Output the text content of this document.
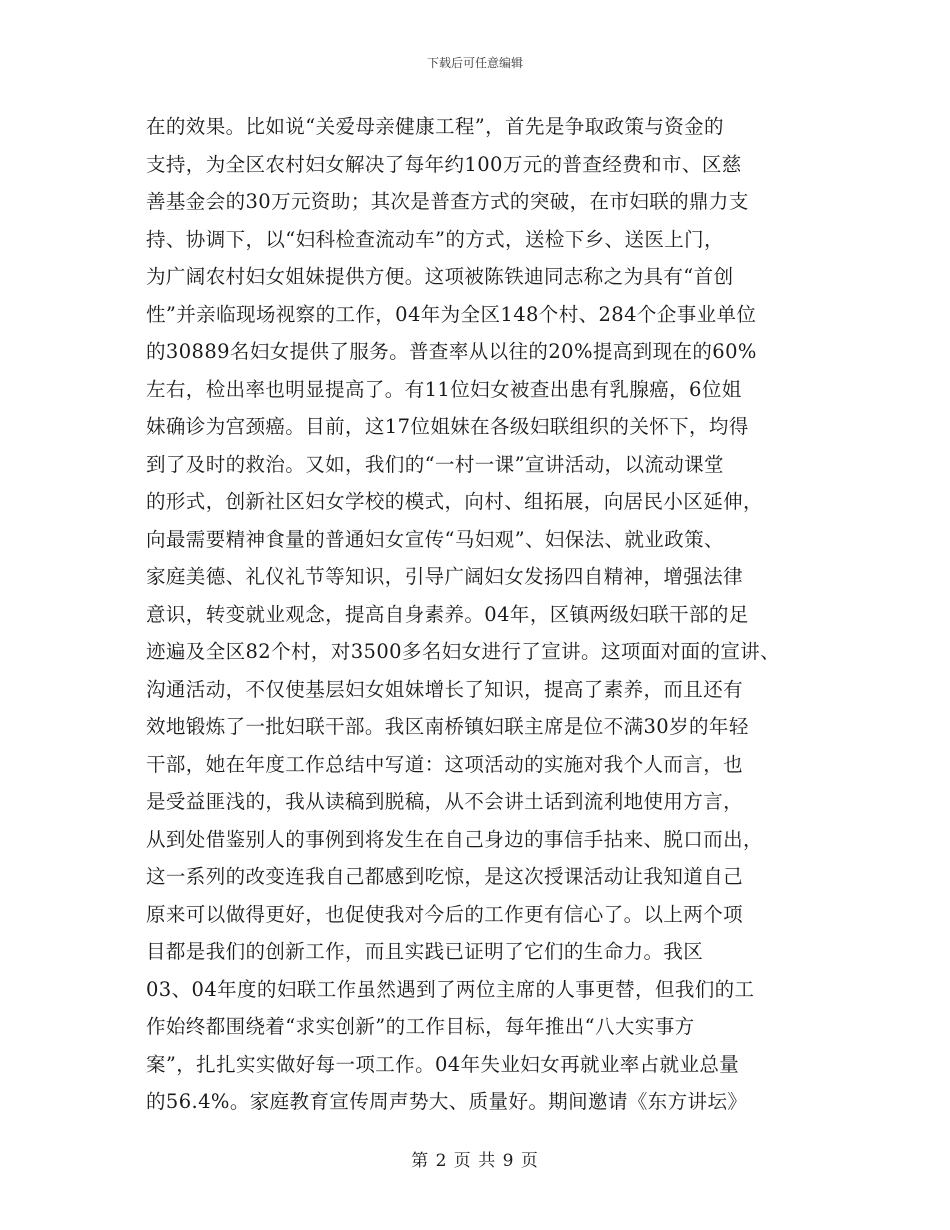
下载后可任意编辑
在的效果。比如说“关爱母亲健康工程”，首先是争取政策与资金的
支持，为全区农村妇女解决了每年约100万元的普查经费和市、区慈
善基金会的30万元资助；其次是普查方式的突破，在市妇联的鼎力支
持、协调下，以“妇科检查流动车”的方式，送检下乡、送医上门，
为广阔农村妇女姐妹提供方便。这项被陈铁迪同志称之为具有“首创
性”并亲临现场视察的工作，04年为全区148个村、284个企事业单位
的30889名妇女提供了服务。普查率从以往的20%提高到现在的60%
左右，检出率也明显提高了。有11位妇女被查出患有乳腺癌，6位姐
妹确诊为宫颈癌。目前，这17位姐妹在各级妇联组织的关怀下，均得
到了及时的救治。又如，我们的“一村一课”宣讲活动，以流动课堂
的形式，创新社区妇女学校的模式，向村、组拓展，向居民小区延伸，
向最需要精神食量的普通妇女宣传“马妇观”、妇保法、就业政策、
家庭美德、礼仪礼节等知识，引导广阔妇女发扬四自精神，增强法律
意识，转变就业观念，提高自身素养。04年，区镇两级妇联干部的足
迹遍及全区82个村，对3500多名妇女进行了宣讲。这项面对面的宣讲、
沟通活动，不仅使基层妇女姐妹增长了知识，提高了素养，而且还有
效地锻炼了一批妇联干部。我区南桥镇妇联主席是位不满30岁的年轻
干部，她在年度工作总结中写道：这项活动的实施对我个人而言，也
是受益匪浅的，我从读稿到脱稿，从不会讲土话到流利地使用方言，
从到处借鉴别人的事例到将发生在自己身边的事信手拈来、脱口而出，
这一系列的改变连我自己都感到吃惊，是这次授课活动让我知道自己
原来可以做得更好，也促使我对今后的工作更有信心了。以上两个项
目都是我们的创新工作，而且实践已证明了它们的生命力。我区
03、04年度的妇联工作虽然遇到了两位主席的人事更替，但我们的工
作始终都围绕着“求实创新”的工作目标，每年推出“八大实事方
案”，扎扎实实做好每一项工作。04年失业妇女再就业率占就业总量
的56.4%。家庭教育宣传周声势大、质量好。期间邀请《东方讲坛》
第 2 页 共 9 页
